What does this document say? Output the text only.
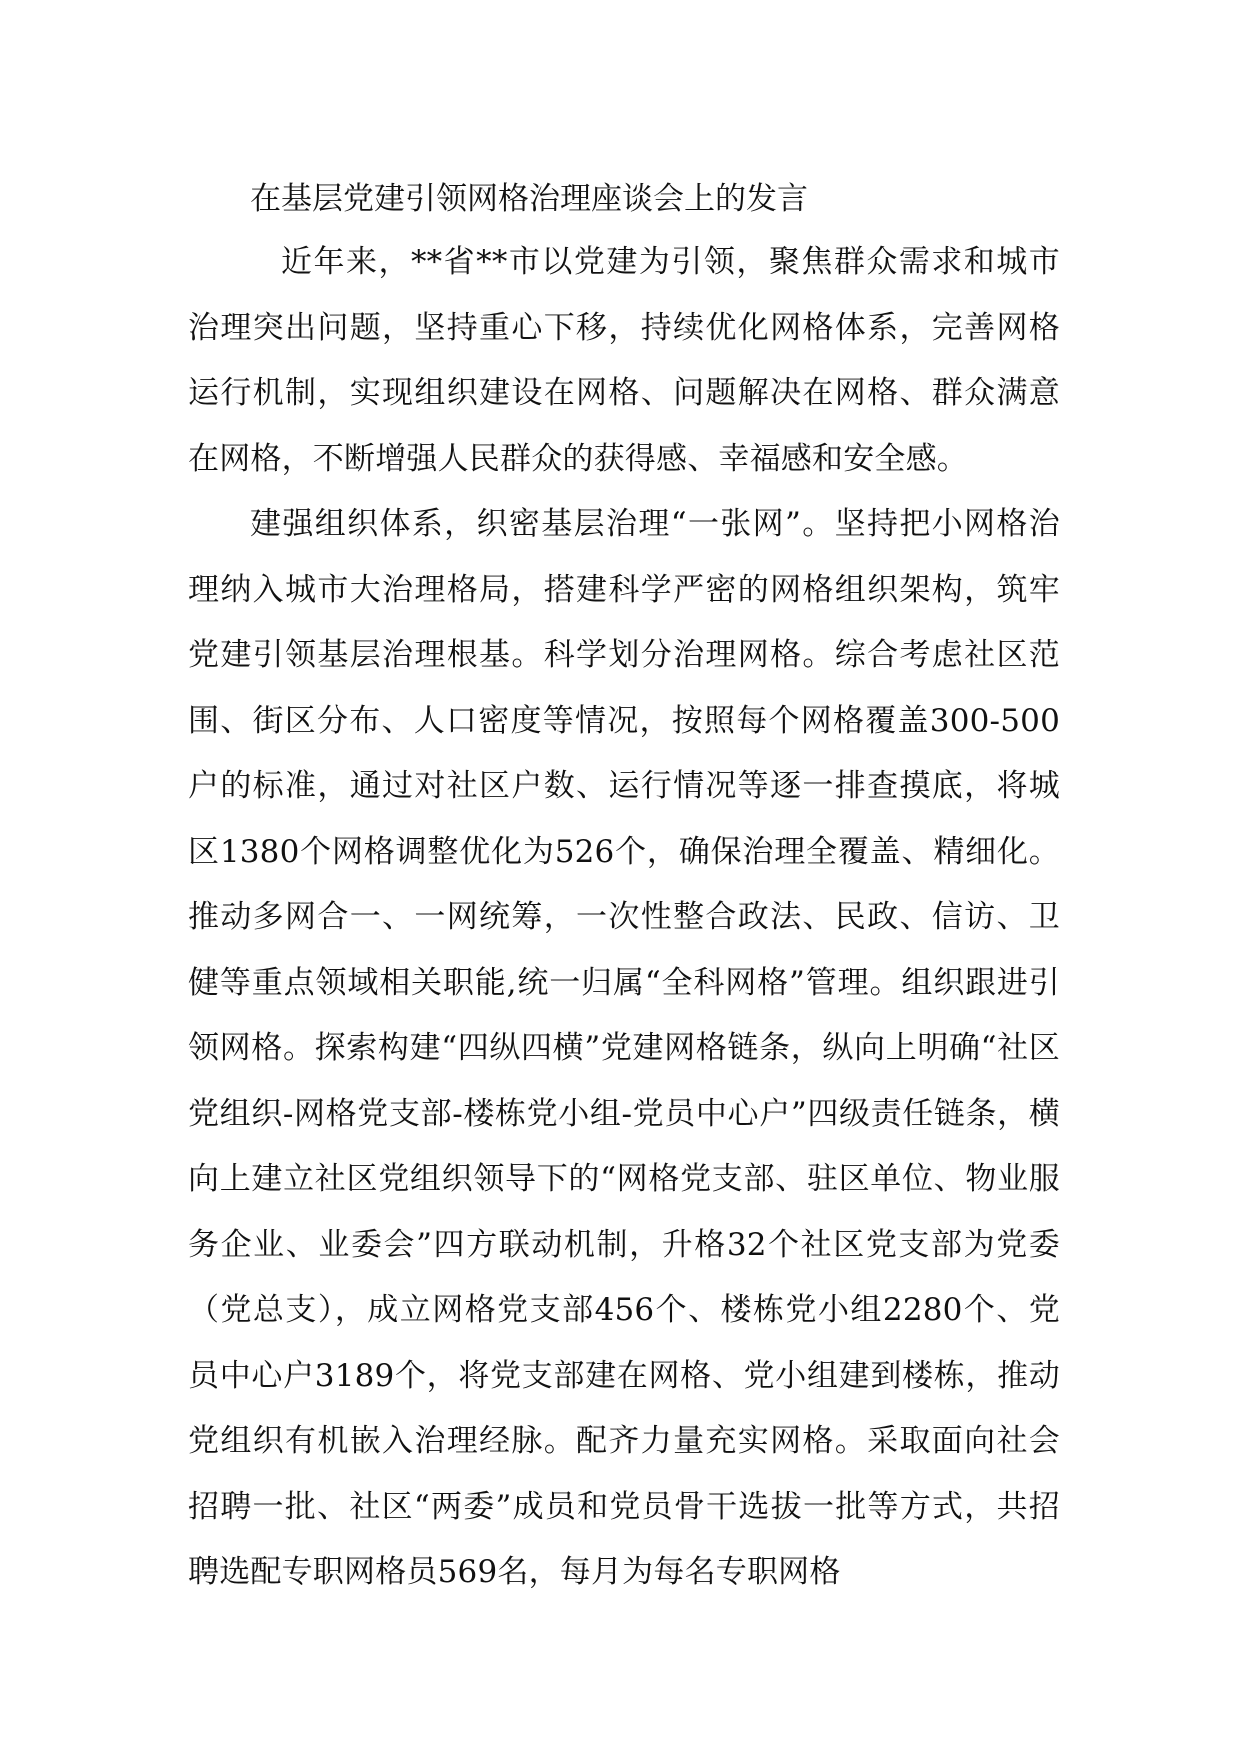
在基层党建引领网格治理座谈会上的发言

近年来，**省**市以党建为引领，聚焦群众需求和城市治理突出问题，坚持重心下移，持续优化网格体系，完善网格运行机制，实现组织建设在网格、问题解决在网格、群众满意在网格，不断增强人民群众的获得感、幸福感和安全感。

建强组织体系，织密基层治理“一张网”。坚持把小网格治理纳入城市大治理格局，搭建科学严密的网格组织架构，筑牢党建引领基层治理根基。科学划分治理网格。综合考虑社区范围、街区分布、人口密度等情况，按照每个网格覆盖300-500户的标准，通过对社区户数、运行情况等逐一排查摸底，将城区1380个网格调整优化为526个，确保治理全覆盖、精细化。推动多网合一、一网统筹，一次性整合政法、民政、信访、卫健等重点领域相关职能,统一归属“全科网格”管理。组织跟进引领网格。探索构建“四纵四横”党建网格链条，纵向上明确“社区党组织-网格党支部-楼栋党小组-党员中心户”四级责任链条，横向上建立社区党组织领导下的“网格党支部、驻区单位、物业服务企业、业委会”四方联动机制，升格32个社区党支部为党委（党总支），成立网格党支部456个、楼栋党小组2280个、党员中心户3189个，将党支部建在网格、党小组建到楼栋，推动党组织有机嵌入治理经脉。配齐力量充实网格。采取面向社会招聘一批、社区“两委”成员和党员骨干选拔一批等方式，共招聘选配专职网格员569名，每月为每名专职网格
